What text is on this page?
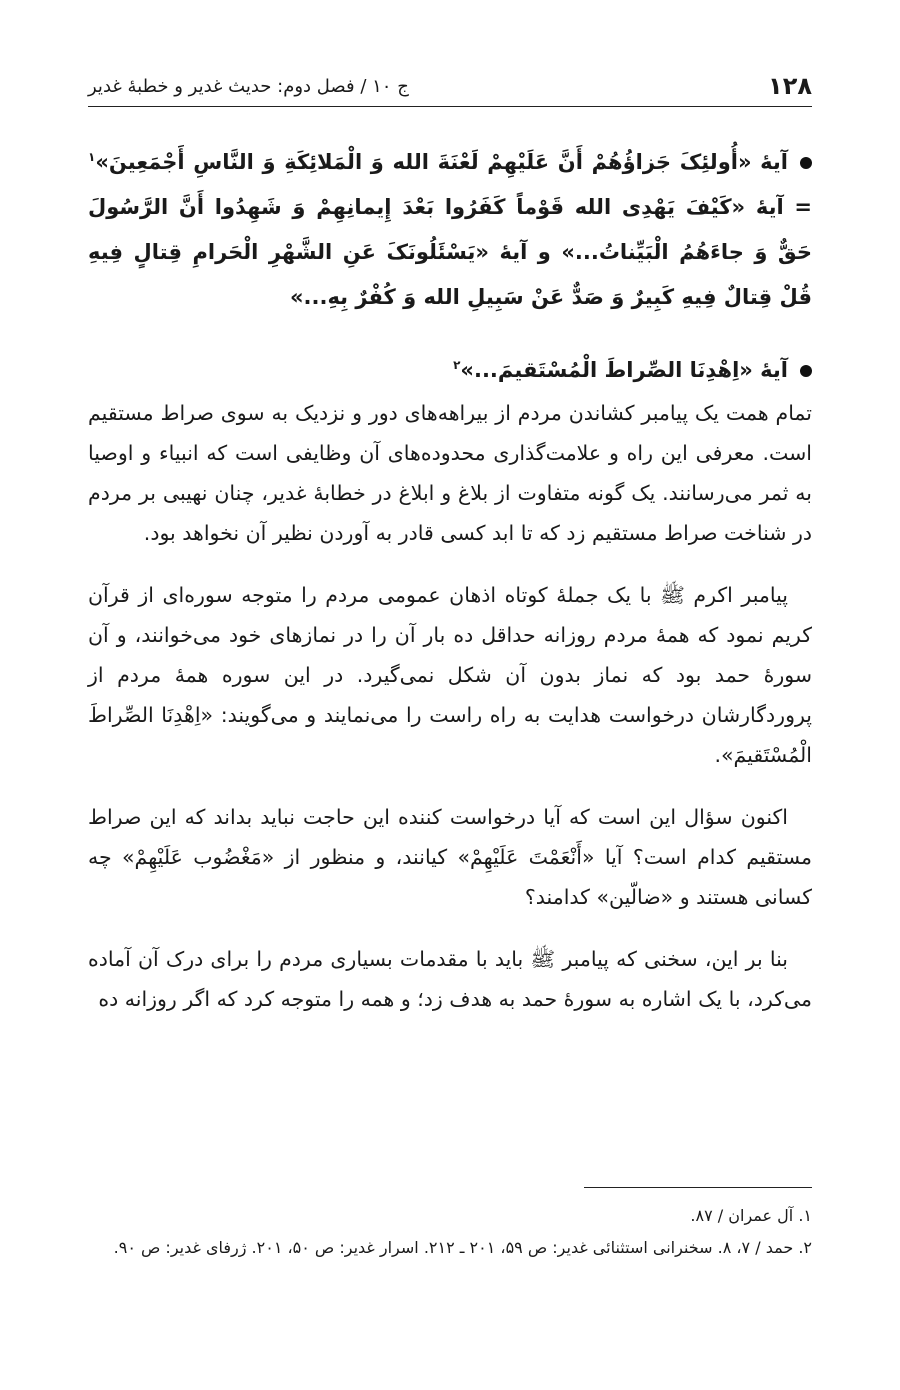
۱۲۸
ج ۱۰ / فصل دوم: حدیث غدیر و خطبۀ غدیر

آیۀ «أُولئِکَ جَزاؤُهُمْ أَنَّ عَلَیْهِمْ لَعْنَةَ الله وَ الْمَلائِکَةِ وَ النَّاسِ أَجْمَعِینَ»$^۱$ = آیۀ «کَیْفَ یَهْدِی الله قَوْماً کَفَرُوا بَعْدَ إِیمانِهِمْ وَ شَهِدُوا أَنَّ الرَّسُولَ حَقٌّ وَ جاءَهُمُ الْبَیِّناتُ...» و آیۀ «یَسْئَلُونَکَ عَنِ الشَّهْرِ الْحَرامِ قِتالٍ فِیهِ قُلْ قِتالٌ فِیهِ کَبِیرٌ وَ صَدٌّ عَنْ سَبِیلِ الله وَ کُفْرٌ بِهِ...»

آیۀ «اِهْدِنَا الصِّراطَ الْمُسْتَقیمَ...»$^۲$

تمام همت یک پیامبر کشاندن مردم از بیراهه‌های دور و نزدیک به سوی صراط مستقیم است. معرفی این راه و علامت‌گذاری محدوده‌های آن وظایفی است که انبیاء و اوصیا به ثمر می‌رسانند. یک گونه متفاوت از بلاغ و ابلاغ در خطابۀ غدیر، چنان نهیبی بر مردم در شناخت صراط مستقیم زد که تا ابد کسی قادر به آوردن نظیر آن نخواهد بود.

پیامبر اکرم ﷺ با یک جملۀ کوتاه اذهان عمومی مردم را متوجه سوره‌ای از قرآن کریم نمود که همۀ مردم روزانه حداقل ده بار آن را در نمازهای خود می‌خوانند، و آن سورۀ حمد بود که نماز بدون آن شکل نمی‌گیرد. در این سوره همۀ مردم از پروردگارشان درخواست هدایت به راه راست را می‌نمایند و می‌گویند: «اِهْدِنَا الصِّراطَ الْمُسْتَقیمَ».

اکنون سؤال این است که آیا درخواست کننده این حاجت نباید بداند که این صراط مستقیم کدام است؟ آیا «أَنْعَمْتَ عَلَیْهِمْ» کیانند، و منظور از «مَغْضُوب عَلَیْهِمْ» چه کسانی هستند و «ضالّین» کدامند؟

بنا بر این، سخنی که پیامبر ﷺ باید با مقدمات بسیاری مردم را برای درک آن آماده می‌کرد، با یک اشاره به سورۀ حمد به هدف زد؛ و همه را متوجه کرد که اگر روزانه ده

۱. آل عمران / ۸۷.

۲. حمد / ۷، ۸. سخنرانی استثنائی غدیر: ص ۵۹، ۲۰۱ ـ ۲۱۲. اسرار غدیر: ص ۵۰، ۲۰۱. ژرفای غدیر: ص ۹۰.
